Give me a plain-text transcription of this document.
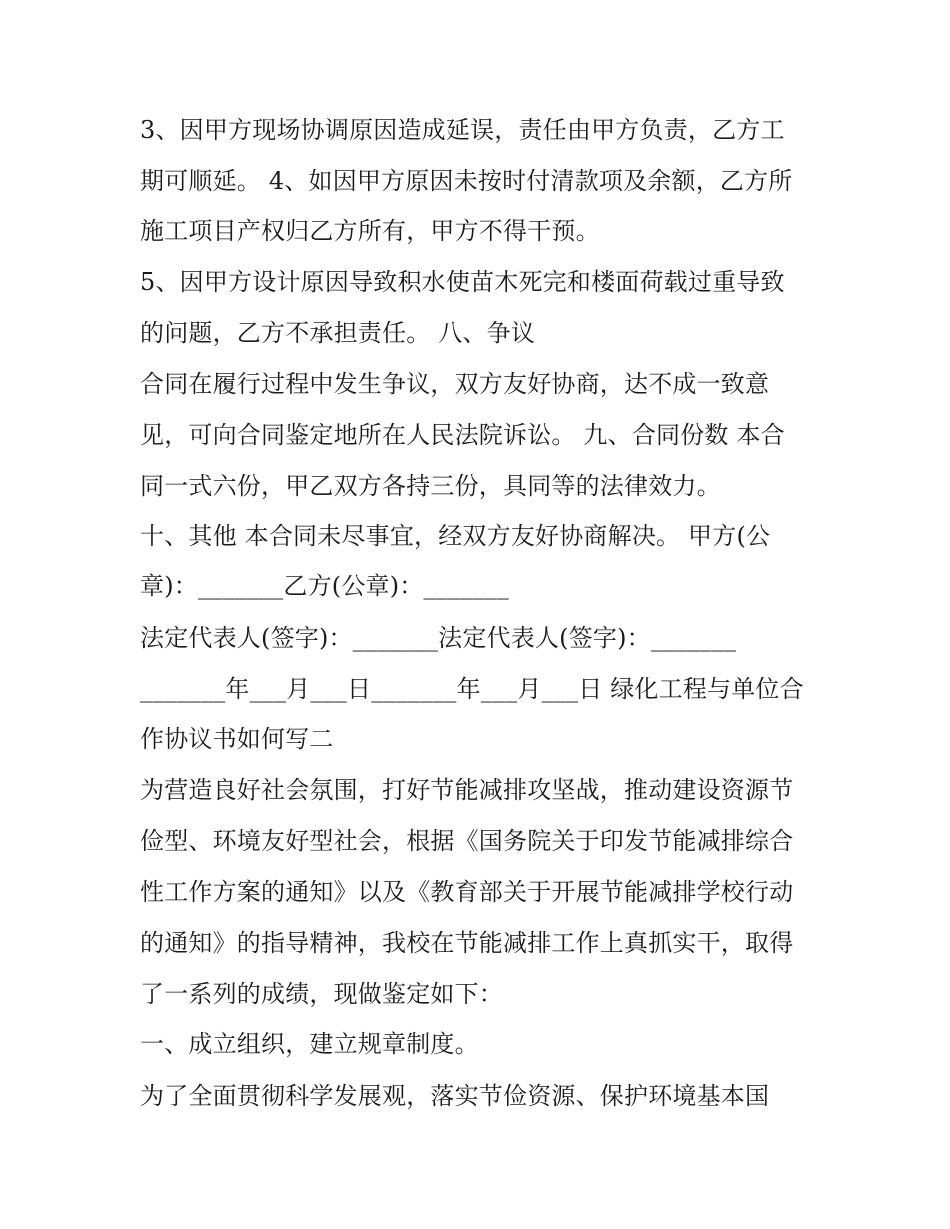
3、因甲方现场协调原因造成延误，责任由甲方负责，乙方工
期可顺延。 4、如因甲方原因未按时付清款项及余额，乙方所
施工项目产权归乙方所有，甲方不得干预。
5、因甲方设计原因导致积水使苗木死完和楼面荷载过重导致
的问题，乙方不承担责任。 八、争议
合同在履行过程中发生争议，双方友好协商，达不成一致意
见，可向合同鉴定地所在人民法院诉讼。 九、合同份数 本合
同一式六份，甲乙双方各持三份，具同等的法律效力。
十、其他 本合同未尽事宜，经双方友好协商解决。 甲方(公
章)：_______乙方(公章)：_______
法定代表人(签字)：_______法定代表人(签字)：_______
_______年___月___日_______年___月___日 绿化工程与单位合
作协议书如何写二
为营造良好社会氛围，打好节能减排攻坚战，推动建设资源节
俭型、环境友好型社会，根据《国务院关于印发节能减排综合
性工作方案的通知》以及《教育部关于开展节能减排学校行动
的通知》的指导精神，我校在节能减排工作上真抓实干，取得
了一系列的成绩，现做鉴定如下：
一、成立组织，建立规章制度。
为了全面贯彻科学发展观，落实节俭资源、保护环境基本国
